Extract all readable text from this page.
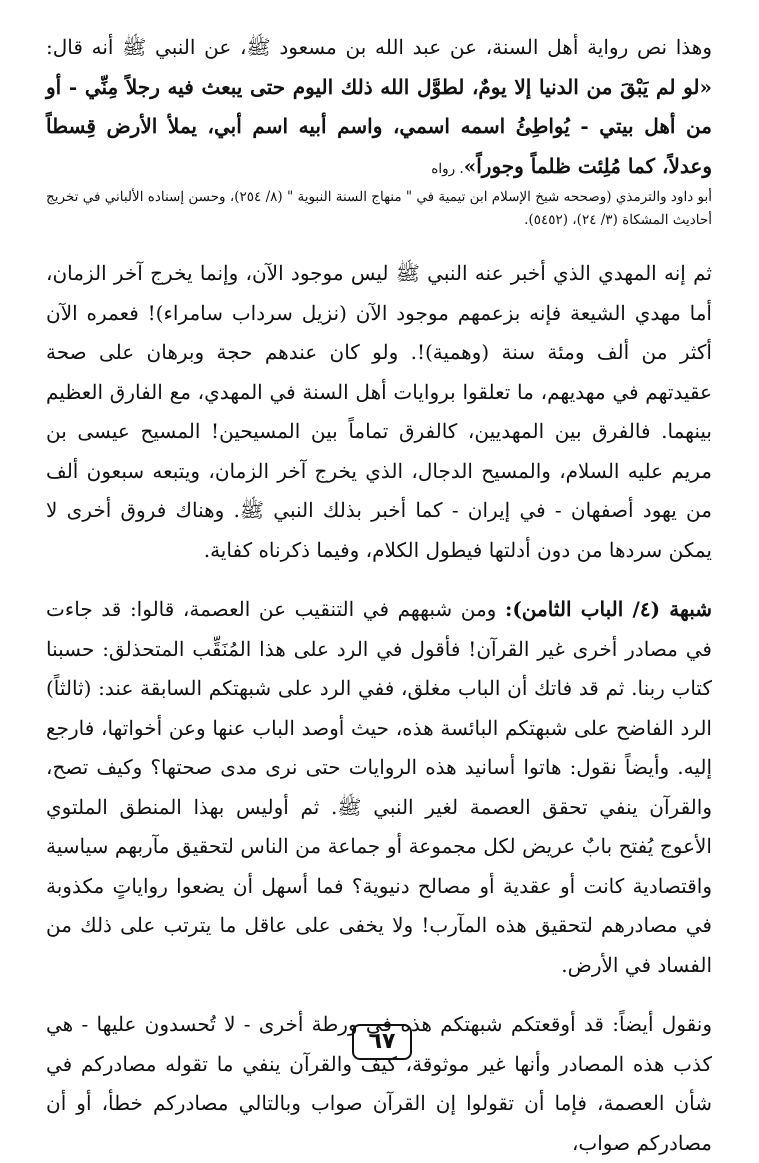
وهذا نص رواية أهل السنة، عن عبد الله بن مسعود ﷺ، عن النبي ﷺ أنه قال: «لو لم يَبْقَ من الدنيا إلا يومٌ، لطوَّل الله ذلك اليوم حتى يبعث فيه رجلاً مِنِّي - أو من أهل بيتي - يُواطِئُ اسمه اسمي، واسم أبيه اسم أبي، يملأ الأرض قِسطاً وعدلاً، كما مُلِئت ظلماً وجوراً». رواه

أبو داود والترمذي (وصححه شيخ الإسلام ابن تيمية في " منهاج السنة النبوية " (٨/ ٢٥٤)، وحسن إسناده الألباني في تخريج أحاديث المشكاة (٣/ ٢٤)، (٥٤٥٢).

ثم إنه المهدي الذي أخبر عنه النبي ﷺ ليس موجود الآن، وإنما يخرج آخر الزمان، أما مهدي الشيعة فإنه بزعمهم موجود الآن (نزيل سرداب سامراء)! فعمره الآن أكثر من ألف ومئة سنة (وهمية)!. ولو كان عندهم حجة وبرهان على صحة عقيدتهم في مهديهم، ما تعلقوا بروايات أهل السنة في المهدي، مع الفارق العظيم بينهما. فالفرق بين المهديين، كالفرق تماماً بين المسيحين! المسيح عيسى بن مريم عليه السلام، والمسيح الدجال، الذي يخرج آخر الزمان، ويتبعه سبعون ألف من يهود أصفهان - في إيران - كما أخبر بذلك النبي ﷺ. وهناك فروق أخرى لا يمكن سردها من دون أدلتها فيطول الكلام، وفيما ذكرناه كفاية.

شبهة (٤/ الباب الثامن): ومن شبههم في التنقيب عن العصمة، قالوا: قد جاءت في مصادر أخرى غير القرآن! فأقول في الرد على هذا المُنَقِّب المتحذلق: حسبنا كتاب ربنا. ثم قد فاتك أن الباب مغلق، ففي الرد على شبهتكم السابقة عند: (ثالثاً) الرد الفاضح على شبهتكم البائسة هذه، حيث أوصد الباب عنها وعن أخواتها، فارجع إليه. وأيضاً نقول: هاتوا أسانيد هذه الروايات حتى نرى مدى صحتها؟ وكيف تصح، والقرآن ينفي تحقق العصمة لغير النبي ﷺ. ثم أوليس بهذا المنطق الملتوي الأعوج يُفتح بابٌ عريض لكل مجموعة أو جماعة من الناس لتحقيق مآربهم سياسية واقتصادية كانت أو عقدية أو مصالح دنيوية؟ فما أسهل أن يضعوا رواياتٍ مكذوبة في مصادرهم لتحقيق هذه المآرب! ولا يخفى على عاقل ما يترتب على ذلك من الفساد في الأرض.

ونقول أيضاً: قد أوقعتكم شبهتكم هذه في ورطة أخرى - لا تُحسدون عليها - هي كذب هذه المصادر وأنها غير موثوقة، كيف والقرآن ينفي ما تقوله مصادركم في شأن العصمة، فإما أن تقولوا إن القرآن صواب وبالتالي مصادركم خطأ، أو أن مصادركم صواب،

٦٧
